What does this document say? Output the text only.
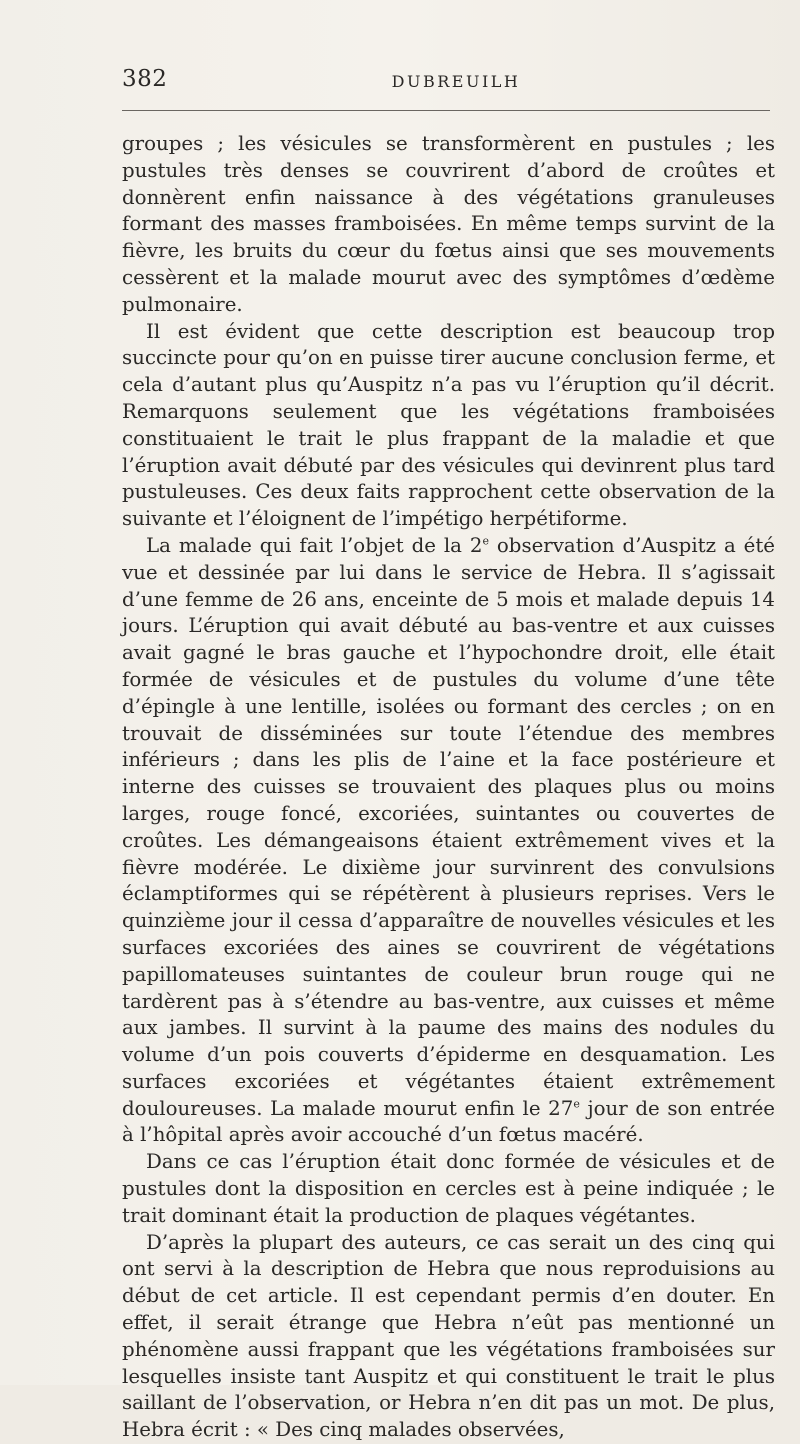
382	DUBREUILH

groupes ; les vésicules se transformèrent en pustules ; les pustules très denses se couvrirent d’abord de croûtes et donnèrent enfin naissance à des végétations granuleuses formant des masses framboisées. En même temps survint de la fièvre, les bruits du cœur du fœtus ainsi que ses mouvements cessèrent et la malade mourut avec des symptômes d’œdème pulmonaire.

Il est évident que cette description est beaucoup trop succincte pour qu’on en puisse tirer aucune conclusion ferme, et cela d’autant plus qu’Auspitz n’a pas vu l’éruption qu’il décrit. Remarquons seulement que les végétations framboisées constituaient le trait le plus frappant de la maladie et que l’éruption avait débuté par des vésicules qui devinrent plus tard pustuleuses. Ces deux faits rapprochent cette observation de la suivante et l’éloignent de l’impétigo herpétiforme.

La malade qui fait l’objet de la 2e observation d’Auspitz a été vue et dessinée par lui dans le service de Hebra. Il s’agissait d’une femme de 26 ans, enceinte de 5 mois et malade depuis 14 jours. L’éruption qui avait débuté au bas-ventre et aux cuisses avait gagné le bras gauche et l’hypochondre droit, elle était formée de vésicules et de pustules du volume d’une tête d’épingle à une lentille, isolées ou formant des cercles ; on en trouvait de disséminées sur toute l’étendue des membres inférieurs ; dans les plis de l’aine et la face postérieure et interne des cuisses se trouvaient des plaques plus ou moins larges, rouge foncé, excoriées, suintantes ou couvertes de croûtes. Les démangeaisons étaient extrêmement vives et la fièvre modérée. Le dixième jour survinrent des convulsions éclamptiformes qui se répétèrent à plusieurs reprises. Vers le quinzième jour il cessa d’apparaître de nouvelles vésicules et les surfaces excoriées des aines se couvrirent de végétations papillomateuses suintantes de couleur brun rouge qui ne tardèrent pas à s’étendre au bas-ventre, aux cuisses et même aux jambes. Il survint à la paume des mains des nodules du volume d’un pois couverts d’épiderme en desquamation. Les surfaces excoriées et végétantes étaient extrêmement douloureuses. La malade mourut enfin le 27e jour de son entrée à l’hôpital après avoir accouché d’un fœtus macéré.

Dans ce cas l’éruption était donc formée de vésicules et de pustules dont la disposition en cercles est à peine indiquée ; le trait dominant était la production de plaques végétantes.

D’après la plupart des auteurs, ce cas serait un des cinq qui ont servi à la description de Hebra que nous reproduisions au début de cet article. Il est cependant permis d’en douter. En effet, il serait étrange que Hebra n’eût pas mentionné un phénomène aussi frappant que les végétations framboisées sur lesquelles insiste tant Auspitz et qui constituent le trait le plus saillant de l’observation, or Hebra n’en dit pas un mot. De plus, Hebra écrit : « Des cinq malades observées,
